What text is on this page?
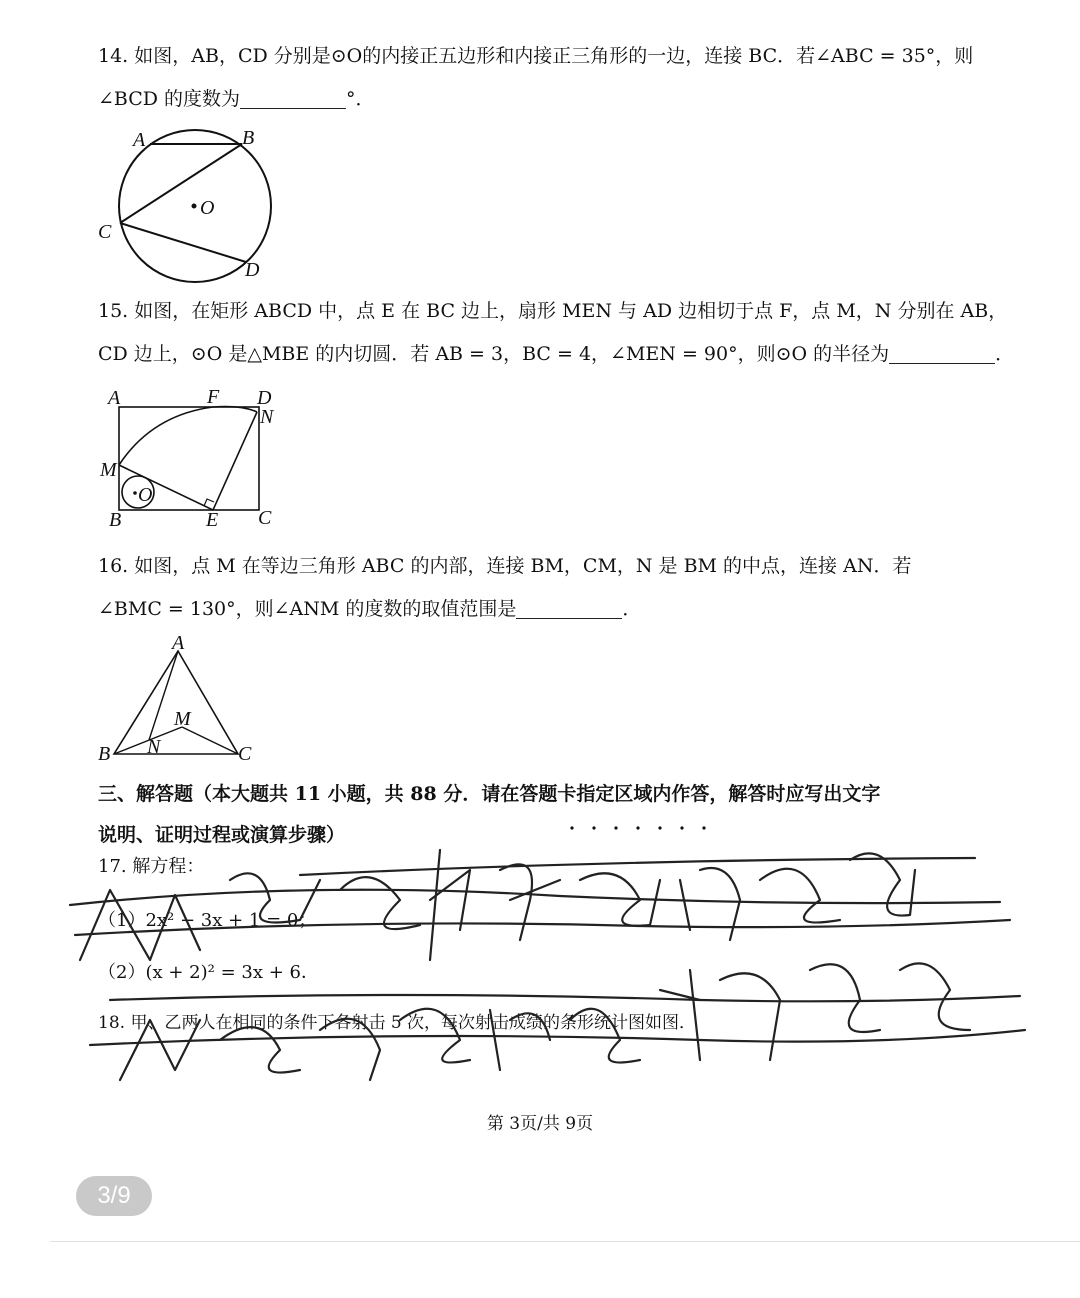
14. 如图，AB，CD 分别是⊙O的内接正五边形和内接正三角形的一边，连接 BC．若∠ABC = 35°，则
∠BCD 的度数为	°．
A	B
C
D
O
15. 如图，在矩形 ABCD 中，点 E 在 BC 边上，扇形 MEN 与 AD 边相切于点 F，点 M，N 分别在 AB，
CD 边上，⊙O 是△MBE 的内切圆．若 AB = 3，BC = 4，∠MEN = 90°，则⊙O 的半径为	．
A	F D
N
M
O
B	E C
16. 如图，点 M 在等边三角形 ABC 的内部，连接 BM，CM，N 是 BM 的中点，连接 AN．若
∠BMC = 130°，则∠ANM 的度数的取值范围是	．
A
M
N
B	C
三、解答题（本大题共 11 小题，共 88 分．请在答题卡指定区域内作答，解答时应写出文字
说明、证明过程或演算步骤）
17. 解方程：
（1）2x² − 3x + 1 = 0；
（2）(x + 2)² = 3x + 6．
18. 甲、乙两人在相同的条件下各射击 5 次，每次射击成绩的条形统计图如图．
第 3页/共 9页
3/9
